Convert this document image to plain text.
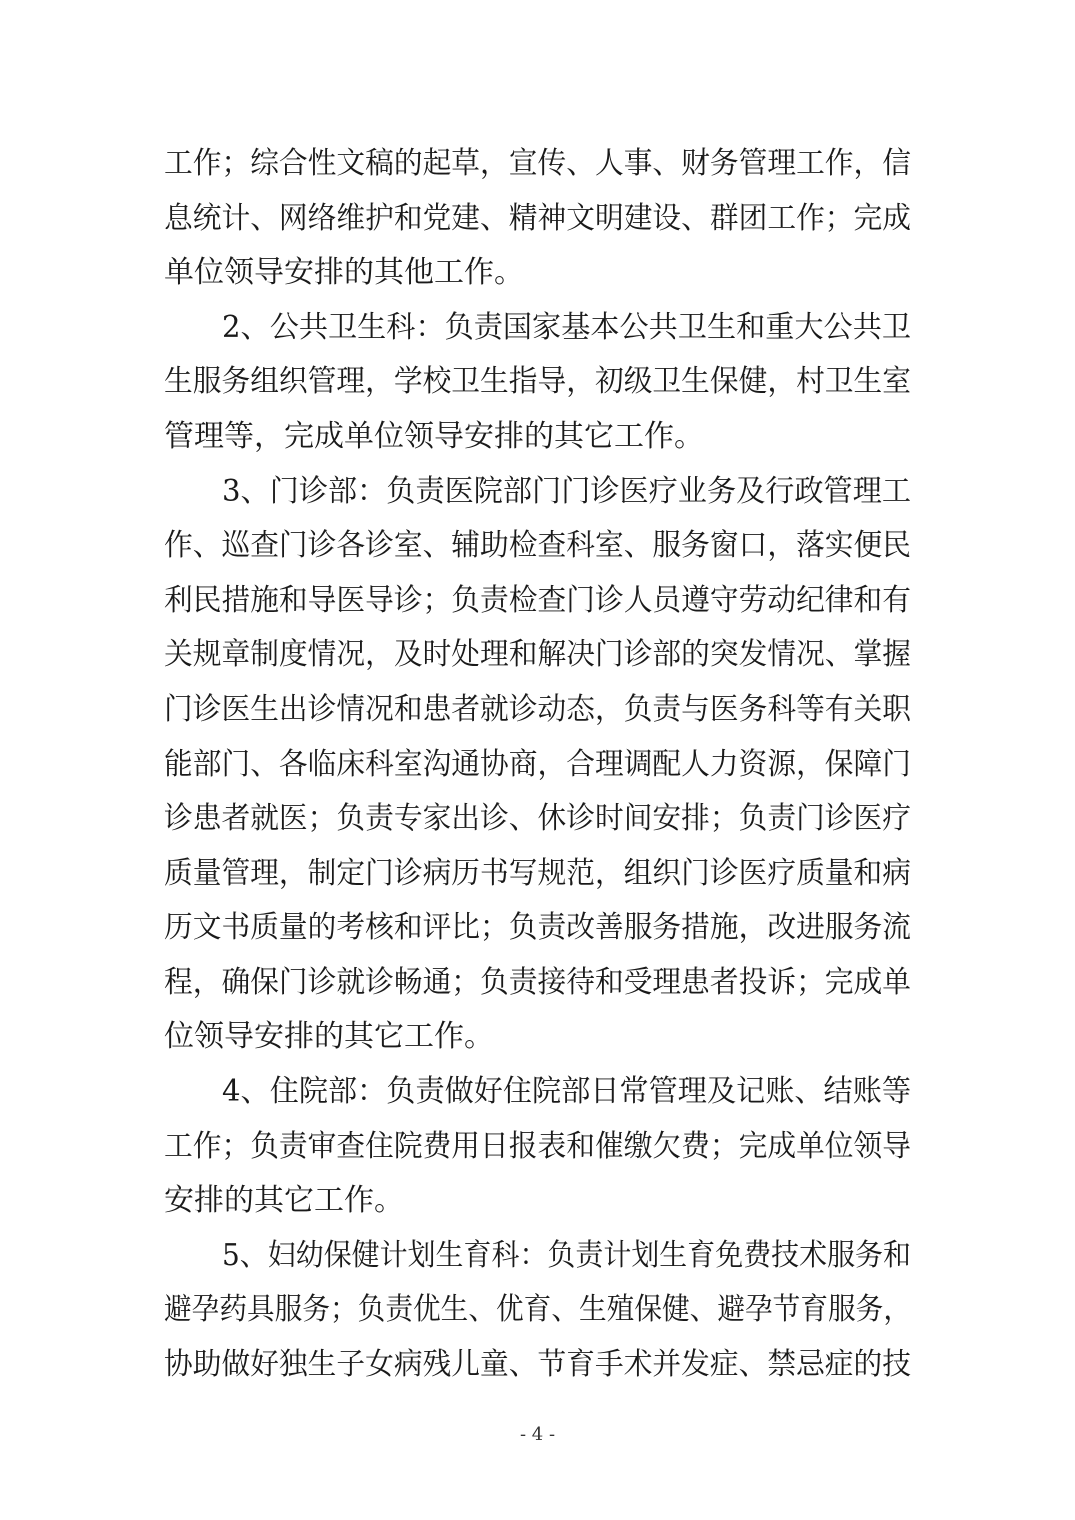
工作；综合性文稿的起草，宣传、人事、财务管理工作，信
息统计、网络维护和党建、精神文明建设、群团工作；完成
单位领导安排的其他工作。
2、公共卫生科：负责国家基本公共卫生和重大公共卫
生服务组织管理，学校卫生指导，初级卫生保健，村卫生室
管理等，完成单位领导安排的其它工作。
3、门诊部：负责医院部门门诊医疗业务及行政管理工
作、巡查门诊各诊室、辅助检查科室、服务窗口，落实便民
利民措施和导医导诊；负责检查门诊人员遵守劳动纪律和有
关规章制度情况，及时处理和解决门诊部的突发情况、掌握
门诊医生出诊情况和患者就诊动态，负责与医务科等有关职
能部门、各临床科室沟通协商，合理调配人力资源，保障门
诊患者就医；负责专家出诊、休诊时间安排；负责门诊医疗
质量管理，制定门诊病历书写规范，组织门诊医疗质量和病
历文书质量的考核和评比；负责改善服务措施，改进服务流
程，确保门诊就诊畅通；负责接待和受理患者投诉；完成单
位领导安排的其它工作。
4、住院部：负责做好住院部日常管理及记账、结账等
工作；负责审查住院费用日报表和催缴欠费；完成单位领导
安排的其它工作。
5、妇幼保健计划生育科：负责计划生育免费技术服务和
避孕药具服务；负责优生、优育、生殖保健、避孕节育服务，
协助做好独生子女病残儿童、节育手术并发症、禁忌症的技
- 4 -
